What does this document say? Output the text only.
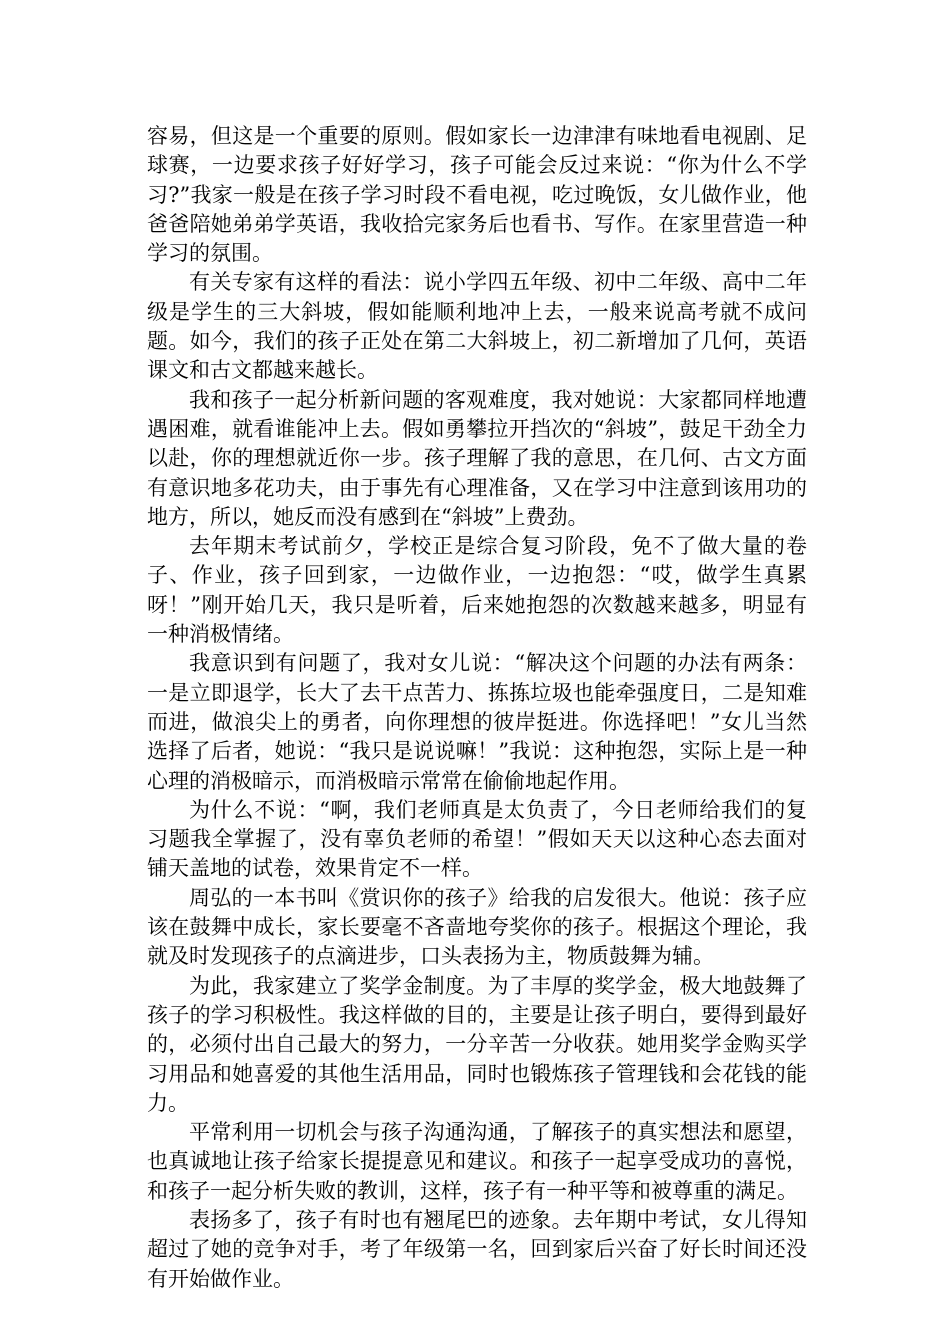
容易，但这是一个重要的原则。假如家长一边津津有味地看电视剧、足球赛，一边要求孩子好好学习，孩子可能会反过来说：“你为什么不学习?”我家一般是在孩子学习时段不看电视，吃过晚饭，女儿做作业，他爸爸陪她弟弟学英语，我收拾完家务后也看书、写作。在家里营造一种学习的氛围。

有关专家有这样的看法：说小学四五年级、初中二年级、高中二年级是学生的三大斜坡，假如能顺利地冲上去，一般来说高考就不成问题。如今，我们的孩子正处在第二大斜坡上，初二新增加了几何，英语课文和古文都越来越长。

我和孩子一起分析新问题的客观难度，我对她说：大家都同样地遭遇困难，就看谁能冲上去。假如勇攀拉开挡次的“斜坡”，鼓足干劲全力以赴，你的理想就近你一步。孩子理解了我的意思，在几何、古文方面有意识地多花功夫，由于事先有心理准备，又在学习中注意到该用功的地方，所以，她反而没有感到在“斜坡”上费劲。

去年期末考试前夕，学校正是综合复习阶段，免不了做大量的卷子、作业，孩子回到家，一边做作业，一边抱怨：“哎，做学生真累呀！”刚开始几天，我只是听着，后来她抱怨的次数越来越多，明显有一种消极情绪。

我意识到有问题了，我对女儿说：“解决这个问题的办法有两条：一是立即退学，长大了去干点苦力、拣拣垃圾也能牵强度日，二是知难而进，做浪尖上的勇者，向你理想的彼岸挺进。你选择吧！”女儿当然选择了后者，她说：“我只是说说嘛！”我说：这种抱怨，实际上是一种心理的消极暗示，而消极暗示常常在偷偷地起作用。

为什么不说：“啊，我们老师真是太负责了，今日老师给我们的复习题我全掌握了，没有辜负老师的希望！”假如天天以这种心态去面对铺天盖地的试卷，效果肯定不一样。

周弘的一本书叫《赏识你的孩子》给我的启发很大。他说：孩子应该在鼓舞中成长，家长要毫不吝啬地夸奖你的孩子。根据这个理论，我就及时发现孩子的点滴进步，口头表扬为主，物质鼓舞为辅。

为此，我家建立了奖学金制度。为了丰厚的奖学金，极大地鼓舞了孩子的学习积极性。我这样做的目的，主要是让孩子明白，要得到最好的，必须付出自己最大的努力，一分辛苦一分收获。她用奖学金购买学习用品和她喜爱的其他生活用品，同时也锻炼孩子管理钱和会花钱的能力。

平常利用一切机会与孩子沟通沟通，了解孩子的真实想法和愿望，也真诚地让孩子给家长提提意见和建议。和孩子一起享受成功的喜悦，和孩子一起分析失败的教训，这样，孩子有一种平等和被尊重的满足。

表扬多了，孩子有时也有翘尾巴的迹象。去年期中考试，女儿得知超过了她的竞争对手，考了年级第一名，回到家后兴奋了好长时间还没有开始做作业。
